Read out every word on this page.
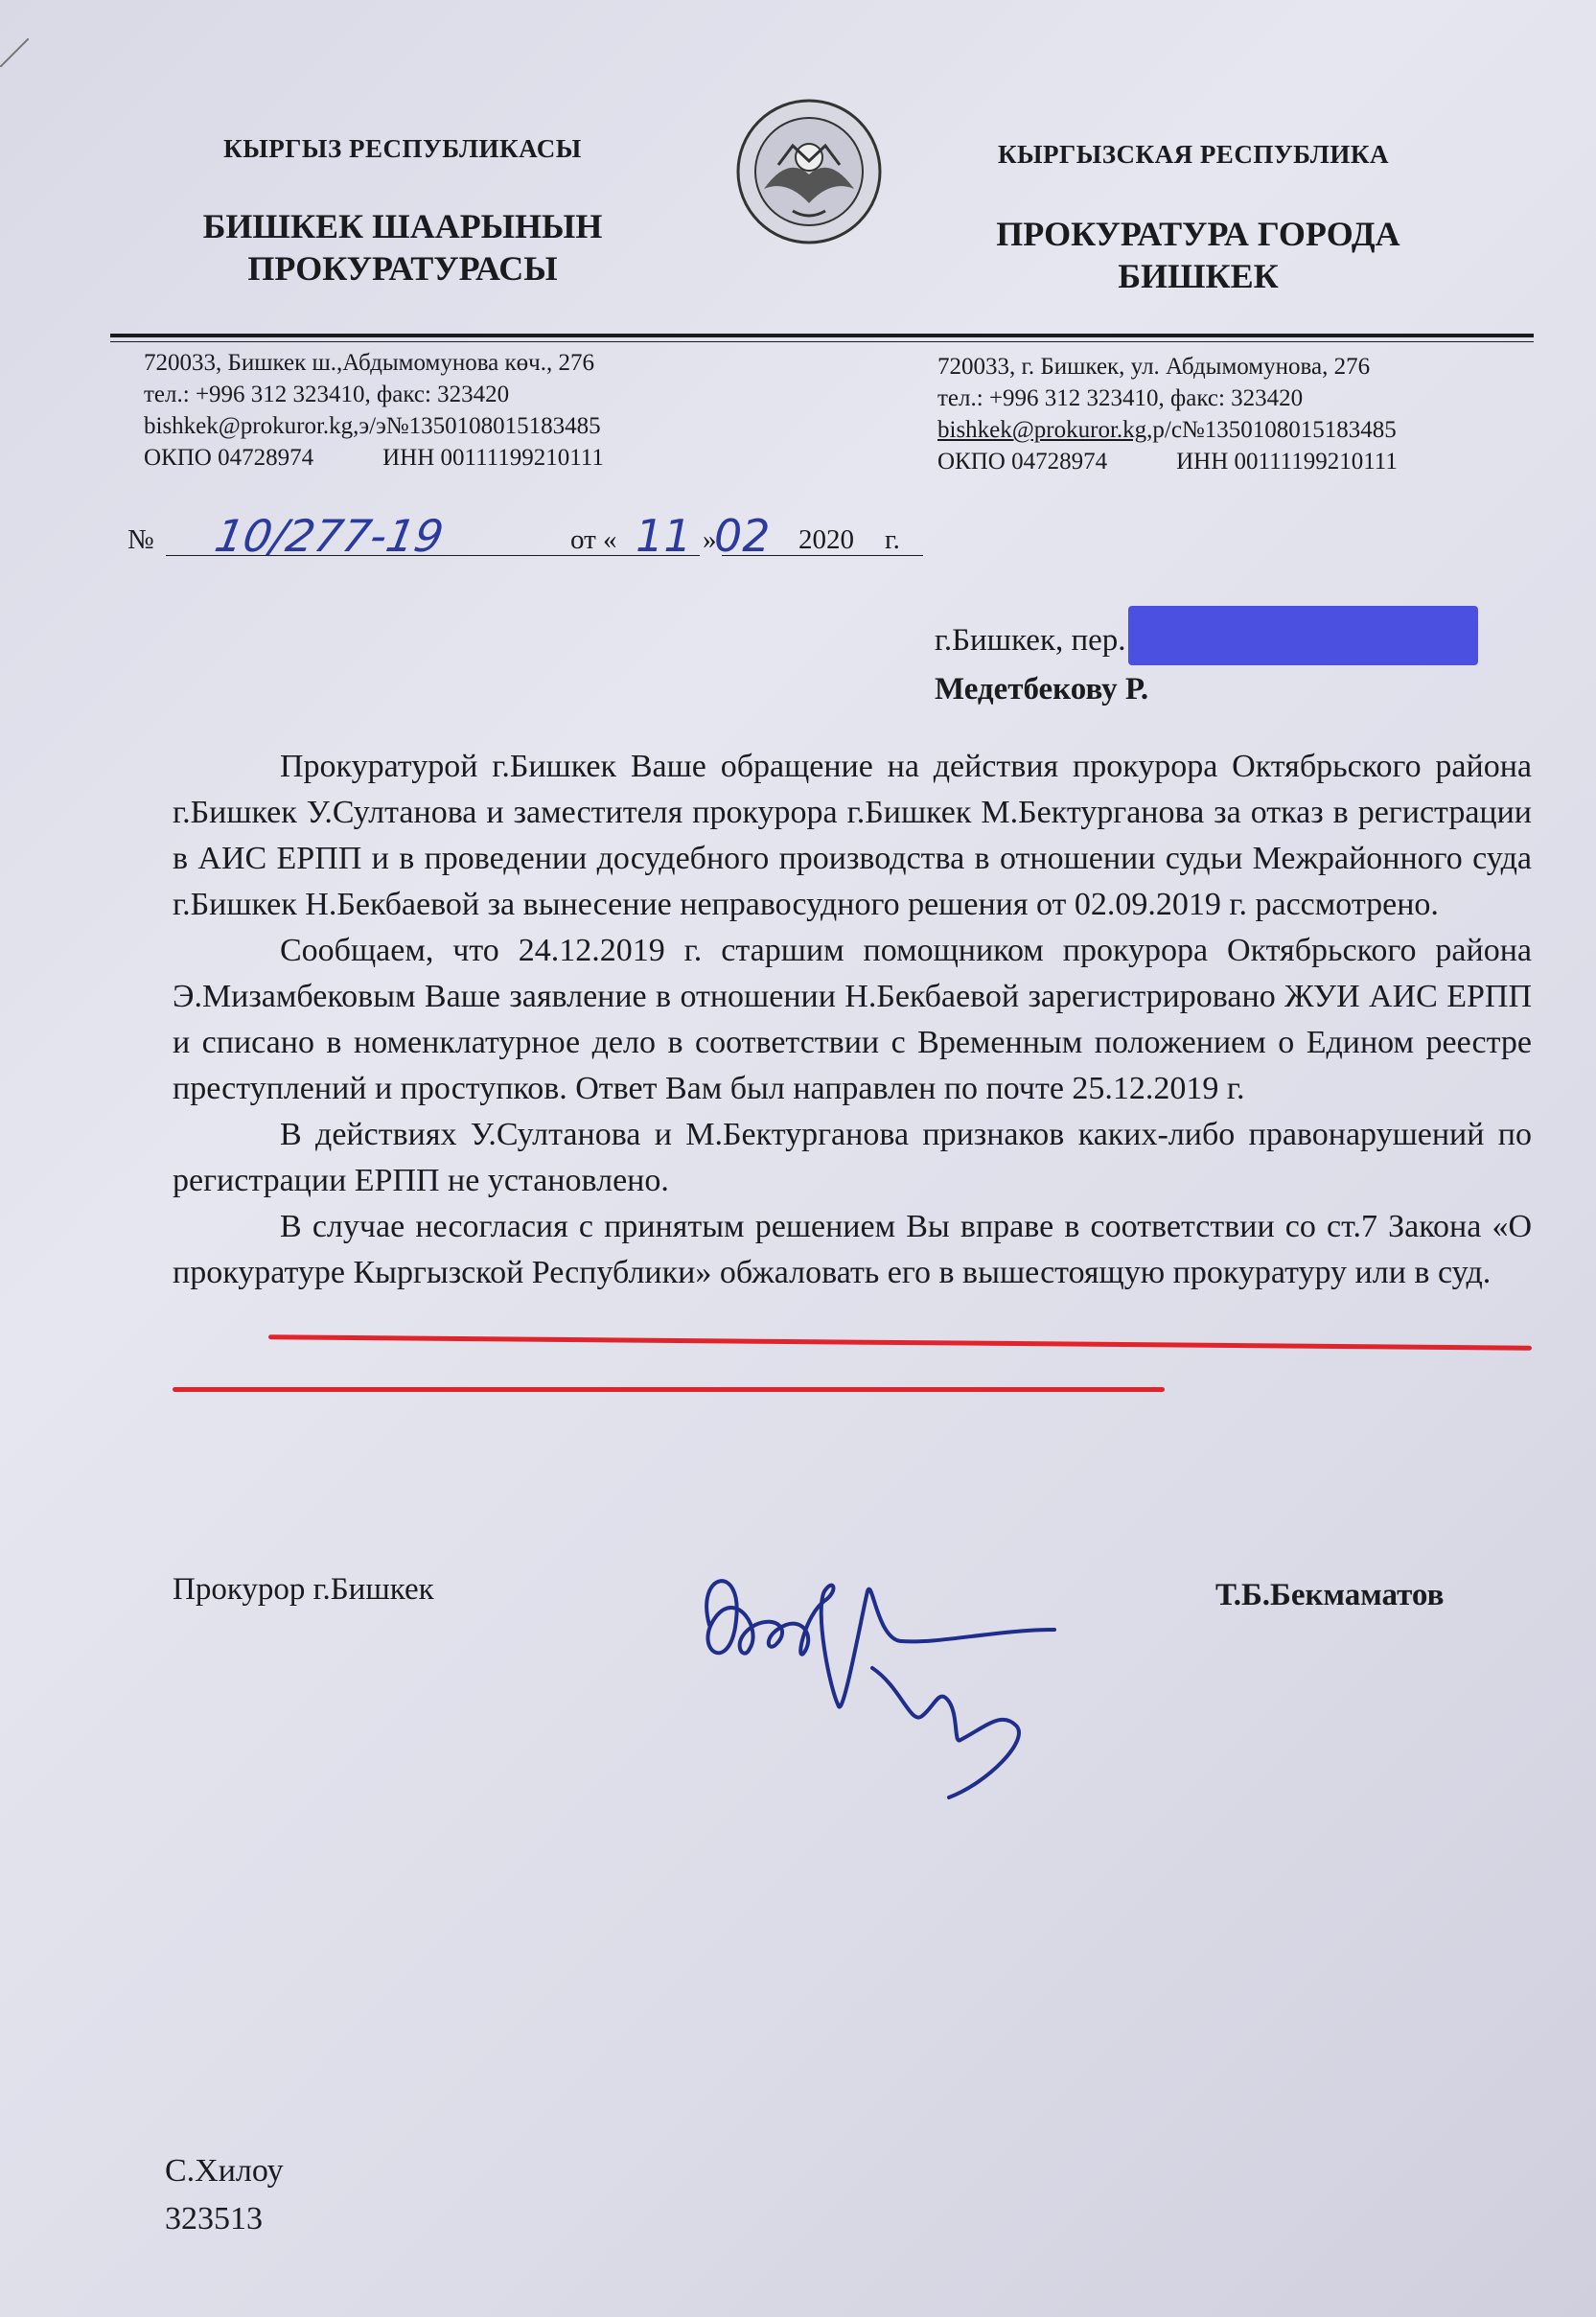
КЫРГЫЗ РЕСПУБЛИКАСЫ
БИШКЕК ШААРЫНЫН
ПРОКУРАТУРАСЫ
КЫРГЫЗСКАЯ РЕСПУБЛИКА
ПРОКУРАТУРА ГОРОДА
БИШКЕК
720033, Бишкек ш.,Абдымомунова көч., 276
тел.: +996 312 323410, факс: 323420
bishkek@prokuror.kg,э/э№1350108015183485
ОКПО 04728974	ИНН 00111199210111
720033, г. Бишкек, ул. Абдымомунова, 276
тел.: +996 312 323410, факс: 323420
bishkek@prokuror.kg,р/с№1350108015183485
ОКПО 04728974	ИНН 00111199210111
№ 10/277-19	от « 11 »
02 2020 г.
г.Бишкек, пер.
Медетбекову Р.

Прокуратурой г.Бишкек Ваше обращение на действия прокурора Октябрьского района г.Бишкек У.Султанова и заместителя прокурора г.Бишкек М.Бектурганова за отказ в регистрации в АИС ЕРПП и в проведении досудебного производства в отношении судьи Межрайонного суда г.Бишкек Н.Бекбаевой за вынесение неправосудного решения от 02.09.2019 г. рассмотрено.

Сообщаем, что 24.12.2019 г. старшим помощником прокурора Октябрьского района Э.Мизамбековым Ваше заявление в отношении Н.Бекбаевой зарегистрировано ЖУИ АИС ЕРПП и списано в номенклатурное дело в соответствии с Временным положением о Едином реестре преступлений и проступков. Ответ Вам был направлен по почте 25.12.2019 г.

В действиях У.Султанова и М.Бектурганова признаков каких-либо правонарушений по регистрации ЕРПП не установлено.

В случае несогласия с принятым решением Вы вправе в соответствии со ст.7 Закона «О прокуратуре Кыргызской Республики» обжаловать его в вышестоящую прокуратуру или в суд.

Прокурор г.Бишкек	Т.Б.Бекмаматов
С.Хилоу
323513
